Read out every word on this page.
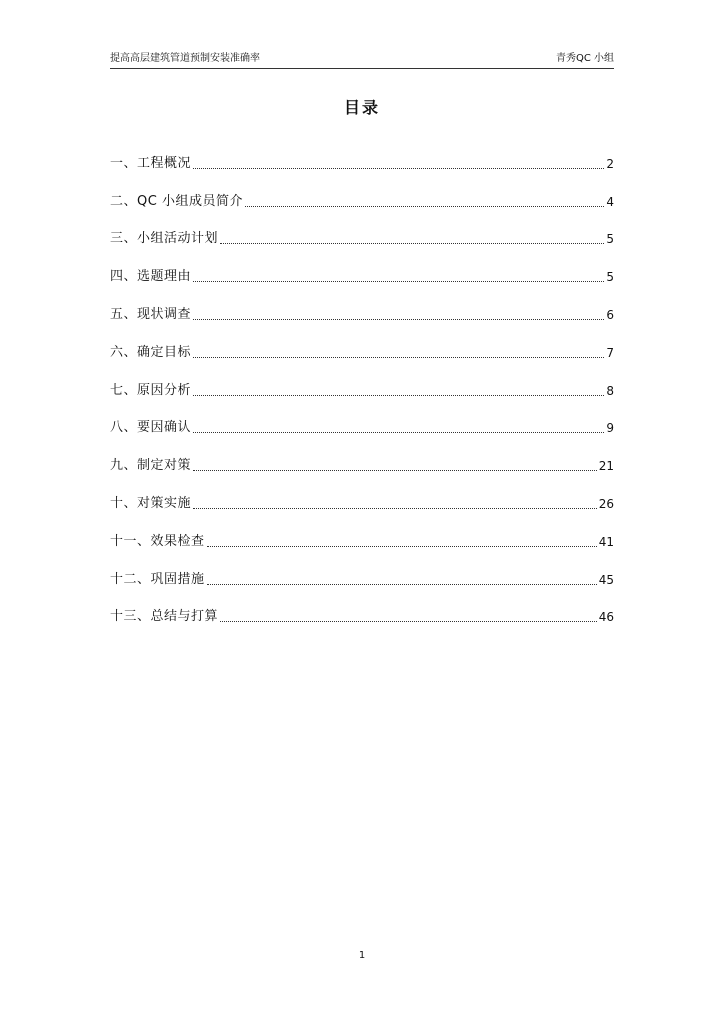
提高高层建筑管道预制安装准确率	青秀QC 小组
目录
一、工程概况	2
二、QC 小组成员简介	4
三、小组活动计划	5
四、选题理由	5
五、现状调查	6
六、确定目标	7
七、原因分析	8
八、要因确认	9
九、制定对策	21
十、对策实施	26
十一、效果检查	41
十二、巩固措施	45
十三、总结与打算	46
1
